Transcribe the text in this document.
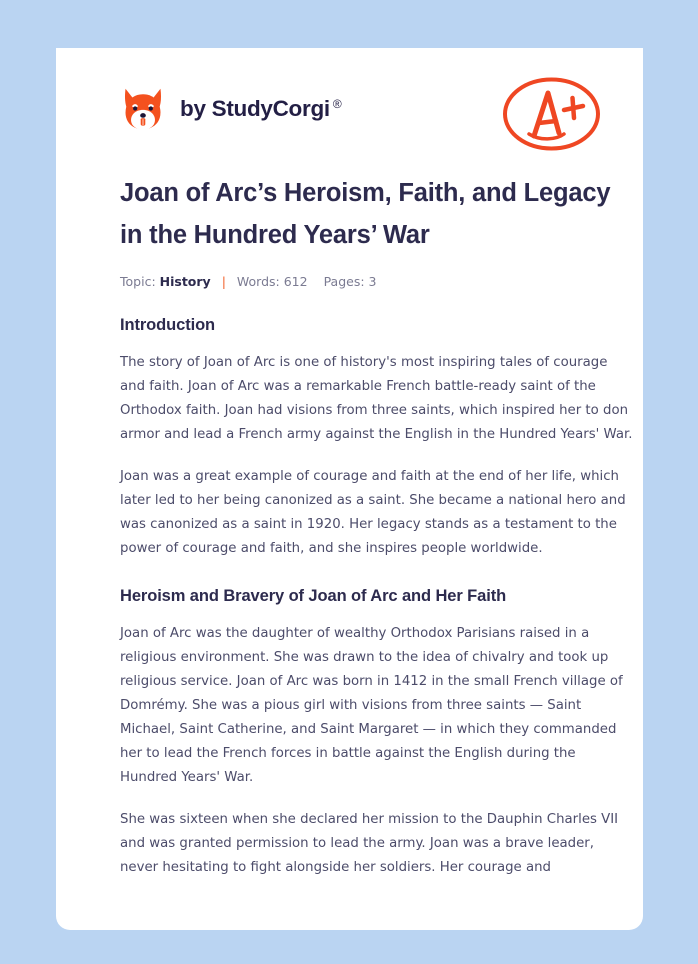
by StudyCorgi ®
Joan of Arc’s Heroism, Faith, and Legacy in the Hundred Years’ War
Topic: History | Words: 612 Pages: 3
Introduction

The story of Joan of Arc is one of history's most inspiring tales of courage and faith. Joan of Arc was a remarkable French battle-ready saint of the Orthodox faith. Joan had visions from three saints, which inspired her to don armor and lead a French army against the English in the Hundred Years' War.

Joan was a great example of courage and faith at the end of her life, which later led to her being canonized as a saint. She became a national hero and was canonized as a saint in 1920. Her legacy stands as a testament to the power of courage and faith, and she inspires people worldwide.

Heroism and Bravery of Joan of Arc and Her Faith

Joan of Arc was the daughter of wealthy Orthodox Parisians raised in a religious environment. She was drawn to the idea of chivalry and took up religious service. Joan of Arc was born in 1412 in the small French village of Domrémy. She was a pious girl with visions from three saints — Saint Michael, Saint Catherine, and Saint Margaret — in which they commanded her to lead the French forces in battle against the English during the Hundred Years' War.

She was sixteen when she declared her mission to the Dauphin Charles VII and was granted permission to lead the army. Joan was a brave leader, never hesitating to fight alongside her soldiers. Her courage and
